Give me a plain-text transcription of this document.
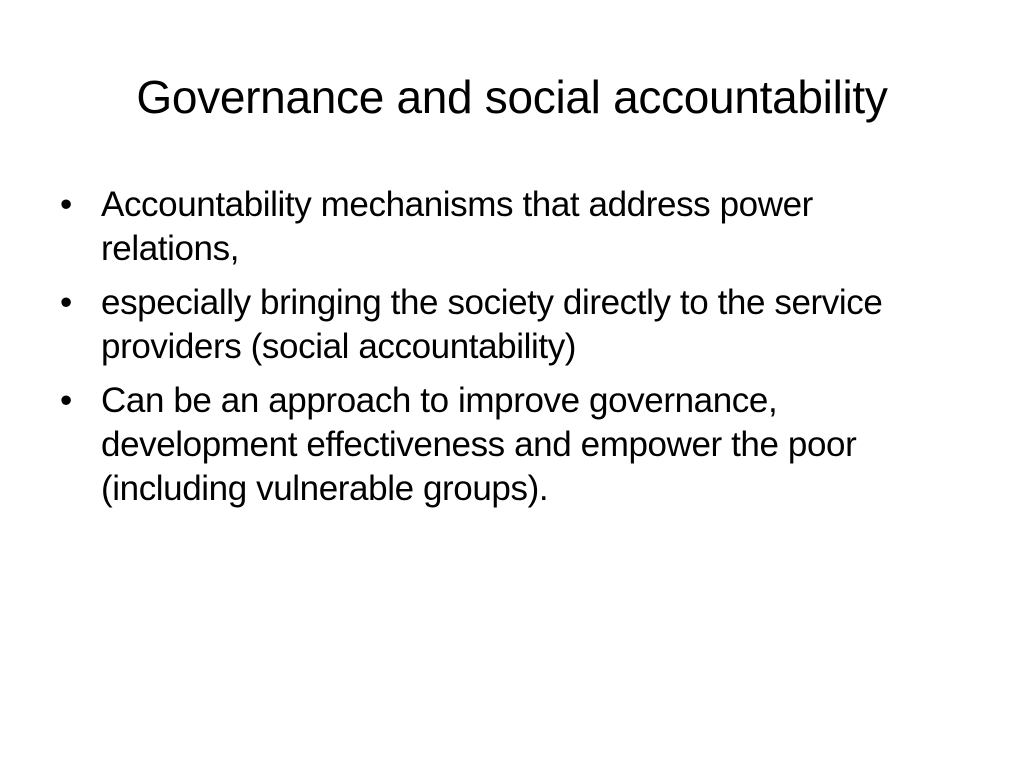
Governance and social accountability
• Accountability mechanisms that address power relations,
• especially bringing the society directly to the service providers (social accountability)
• Can be an approach to improve governance, development effectiveness and empower the poor (including vulnerable groups).
